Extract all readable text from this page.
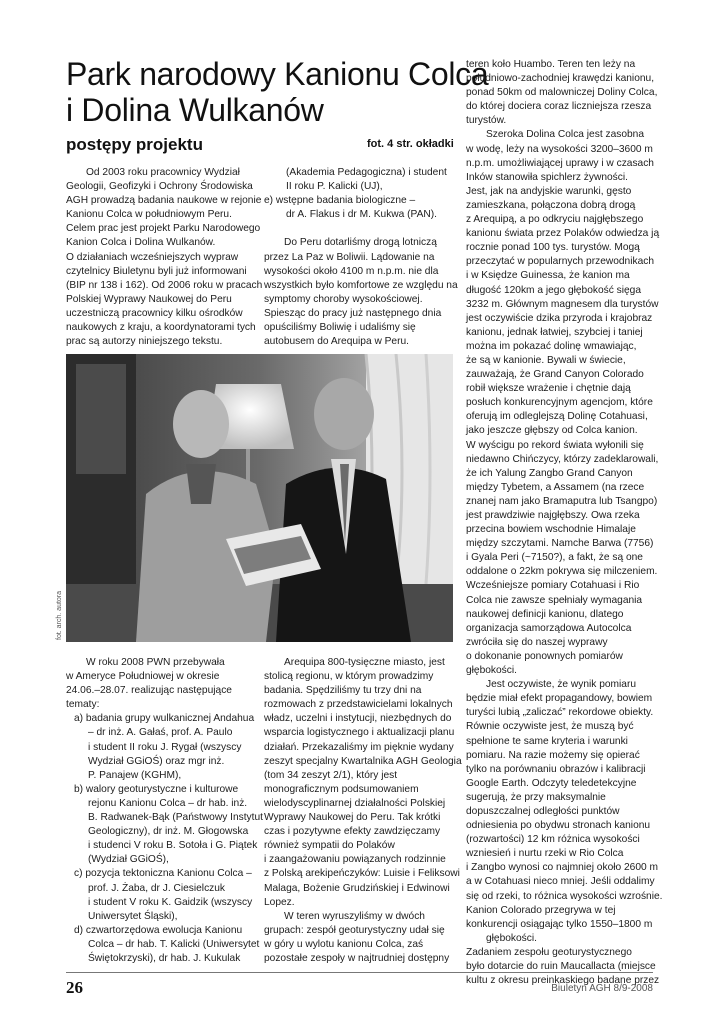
Park narodowy Kanionu Colca
i Dolina Wulkanów
postępy projektu	fot. 4 str. okładki
Od 2003 roku pracownicy Wydział
Geologii, Geofizyki i Ochrony Środowiska
AGH prowadzą badania naukowe w rejonie
Kanionu Colca w południowym Peru.
Celem prac jest projekt Parku Narodowego
Kanion Colca i Dolina Wulkanów.
O działaniach wcześniejszych wypraw
czytelnicy Biuletynu byli już informowani
(BIP nr 138 i 162). Od 2006 roku w pracach
Polskiej Wyprawy Naukowej do Peru
uczestniczą pracownicy kilku ośrodków
naukowych z kraju, a koordynatorami tych
prac są autorzy niniejszego tekstu.
(Akademia Pedagogiczna) i student
II roku P. Kalicki (UJ),
e) wstępne badania biologiczne –
dr A. Flakus i dr M. Kukwa (PAN).

Do Peru dotarliśmy drogą lotniczą
przez La Paz w Boliwii. Lądowanie na
wysokości około 4100 m n.p.m. nie dla
wszystkich było komfortowe ze względu na
symptomy choroby wysokościowej.
Spiesząc do pracy już następnego dnia
opuściliśmy Boliwię i udaliśmy się
autobusem do Arequipa w Peru.
teren koło Huambo. Teren ten leży na
południowo-zachodniej krawędzi kanionu,
ponad 50km od malowniczej Doliny Colca,
do której dociera coraz liczniejsza rzesza
turystów.
Szeroka Dolina Colca jest zasobna
w wodę, leży na wysokości 3200–3600 m
n.p.m. umożliwiającej uprawy i w czasach
Inków stanowiła spichlerz żywności.
Jest, jak na andyjskie warunki, gęsto
zamieszkana, połączona dobrą drogą
z Arequipą, a po odkryciu najgłębszego
kanionu świata przez Polaków odwiedza ją
rocznie ponad 100 tys. turystów. Mogą
przeczytać w popularnych przewodnikach
i w Księdze Guinessa, że kanion ma
długość 120km a jego głębokość sięga
3232 m. Głównym magnesem dla turystów
jest oczywiście dzika przyroda i krajobraz
kanionu, jednak łatwiej, szybciej i taniej
można im pokazać dolinę wmawiając,
że są w kanionie. Bywali w świecie,
zauważają, że Grand Canyon Colorado
robił większe wrażenie i chętnie dają
posłuch konkurencyjnym agencjom, które
oferują im odleglejszą Dolinę Cotahuasi,
jako jeszcze głębszy od Colca kanion.
W wyścigu po rekord świata wyłonili się
niedawno Chińczycy, którzy zadeklarowali,
że ich Yalung Zangbo Grand Canyon
między Tybetem, a Assamem (na rzece
znanej nam jako Bramaputra lub Tsangpo)
jest prawdziwie najgłębszy. Owa rzeka
przecina bowiem wschodnie Himalaje
między szczytami. Namche Barwa (7756)
i Gyala Peri (~7150?), a fakt, że są one
oddalone o 22km pokrywa się milczeniem.
Wcześniejsze pomiary Cotahuasi i Rio
Colca nie zawsze spełniały wymagania
naukowej definicji kanionu, dlatego
organizacja samorządowa Autocolca
zwróciła się do naszej wyprawy
o dokonanie ponownych pomiarów
głębokości.
Jest oczywiste, że wynik pomiaru
będzie miał efekt propagandowy, bowiem
turyści lubią „zaliczać” rekordowe obiekty.
Równie oczywiste jest, że muszą być
spełnione te same kryteria i warunki
pomiaru. Na razie możemy się opierać
tylko na porównaniu obrazów i kalibracji
Google Earth. Odczyty teledetekcyjne
sugerują, że przy maksymalnie
dopuszczalnej odległości punktów
odniesienia po obydwu stronach kanionu
(rozwartości) 12 km różnica wysokości
wzniesień i nurtu rzeki w Rio Colca
i Zangbo wynosi co najmniej około 2600 m
a w Cotahuasi nieco mniej. Jeśli oddalimy
się od rzeki, to różnica wysokości wzrośnie.
Kanion Colorado przegrywa w tej
konkurencji osiągając tylko 1550–1800 m
głębokości.
Zadaniem zespołu geoturystycznego
było dotarcie do ruin Maucallacta (miejsce
kultu z okresu preinkaskiego badane przez
W roku 2008 PWN przebywała
w Ameryce Południowej w okresie
24.06.–28.07. realizując następujące
tematy:
a) badania grupy wulkanicznej Andahua
– dr inż. A. Gałaś, prof. A. Paulo
i student II roku J. Rygał (wszyscy
Wydział GGiOŚ) oraz mgr inż.
P. Panajew (KGHM),
b) walory geoturystyczne i kulturowe
rejonu Kanionu Colca – dr hab. inż.
B. Radwanek-Bąk (Państwowy Instytut
Geologiczny), dr inż. M. Głogowska
i studenci V roku B. Sotoła i G. Piątek
(Wydział GGiOŚ),
c) pozycja tektoniczna Kanionu Colca –
prof. J. Żaba, dr J. Ciesielczuk
i student V roku K. Gaidzik (wszyscy
Uniwersytet Śląski),
d) czwartorzędowa ewolucja Kanionu
Colca – dr hab. T. Kalicki (Uniwersytet
Świętokrzyski), dr hab. J. Kukulak
Arequipa 800-tysięczne miasto, jest
stolicą regionu, w którym prowadzimy
badania. Spędziliśmy tu trzy dni na
rozmowach z przedstawicielami lokalnych
władz, uczelni i instytucji, niezbędnych do
wsparcia logistycznego i aktualizacji planu
działań. Przekazaliśmy im pięknie wydany
zeszyt specjalny Kwartalnika AGH Geologia
(tom 34 zeszyt 2/1), który jest
monograficznym podsumowaniem
wielodyscyplinarnej działalności Polskiej
Wyprawy Naukowej do Peru. Tak krótki
czas i pozytywne efekty zawdzięczamy
również sympatii do Polaków
i zaangażowaniu powiązanych rodzinnie
z Polską arekipeńczyków: Luisie i Feliksowi
Malaga, Bożenie Grudzińskiej i Edwinowi
Lopez.
W teren wyruszyliśmy w dwóch
grupach: zespół geoturystyczny udał się
w góry u wylotu kanionu Colca, zaś
pozostałe zespoły w najtrudniej dostępny
fot. arch. autora
26	Biuletyn AGH 8/9-2008
